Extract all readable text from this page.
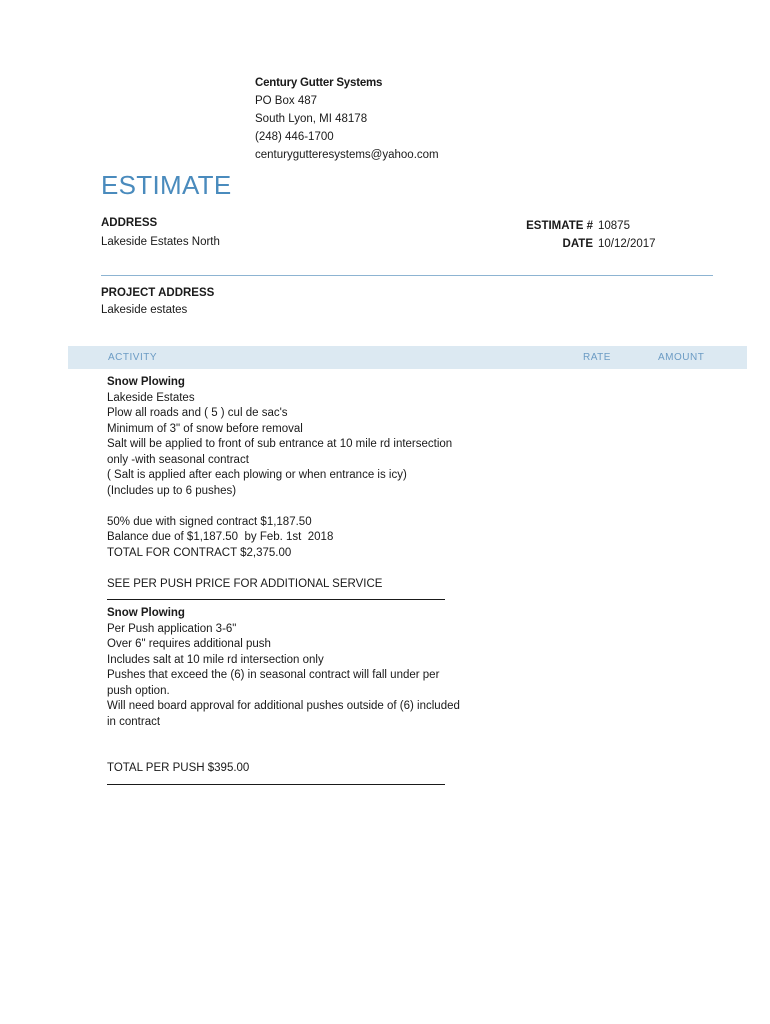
Century Gutter Systems
PO Box 487
South Lyon, MI 48178
(248) 446-1700
centurygutteresystems@yahoo.com
ESTIMATE
ADDRESS
Lakeside Estates North
ESTIMATE # 10875
DATE 10/12/2017
PROJECT ADDRESS
Lakeside estates
ACTIVITY	RATE	AMOUNT
Snow Plowing
Lakeside Estates
Plow all roads and ( 5 ) cul de sac's
Minimum of 3" of snow before removal
Salt will be applied to front of sub entrance at 10 mile rd intersection
only -with seasonal contract
( Salt is applied after each plowing or when entrance is icy)
(Includes up to 6 pushes)
50% due with signed contract $1,187.50
Balance due of $1,187.50  by Feb. 1st  2018
TOTAL FOR CONTRACT $2,375.00
SEE PER PUSH PRICE FOR ADDITIONAL SERVICE
Snow Plowing
Per Push application 3-6"
Over 6" requires additional push
Includes salt at 10 mile rd intersection only
Pushes that exceed the (6) in seasonal contract will fall under per
push option.
Will need board approval for additional pushes outside of (6) included
in contract
TOTAL PER PUSH $395.00
